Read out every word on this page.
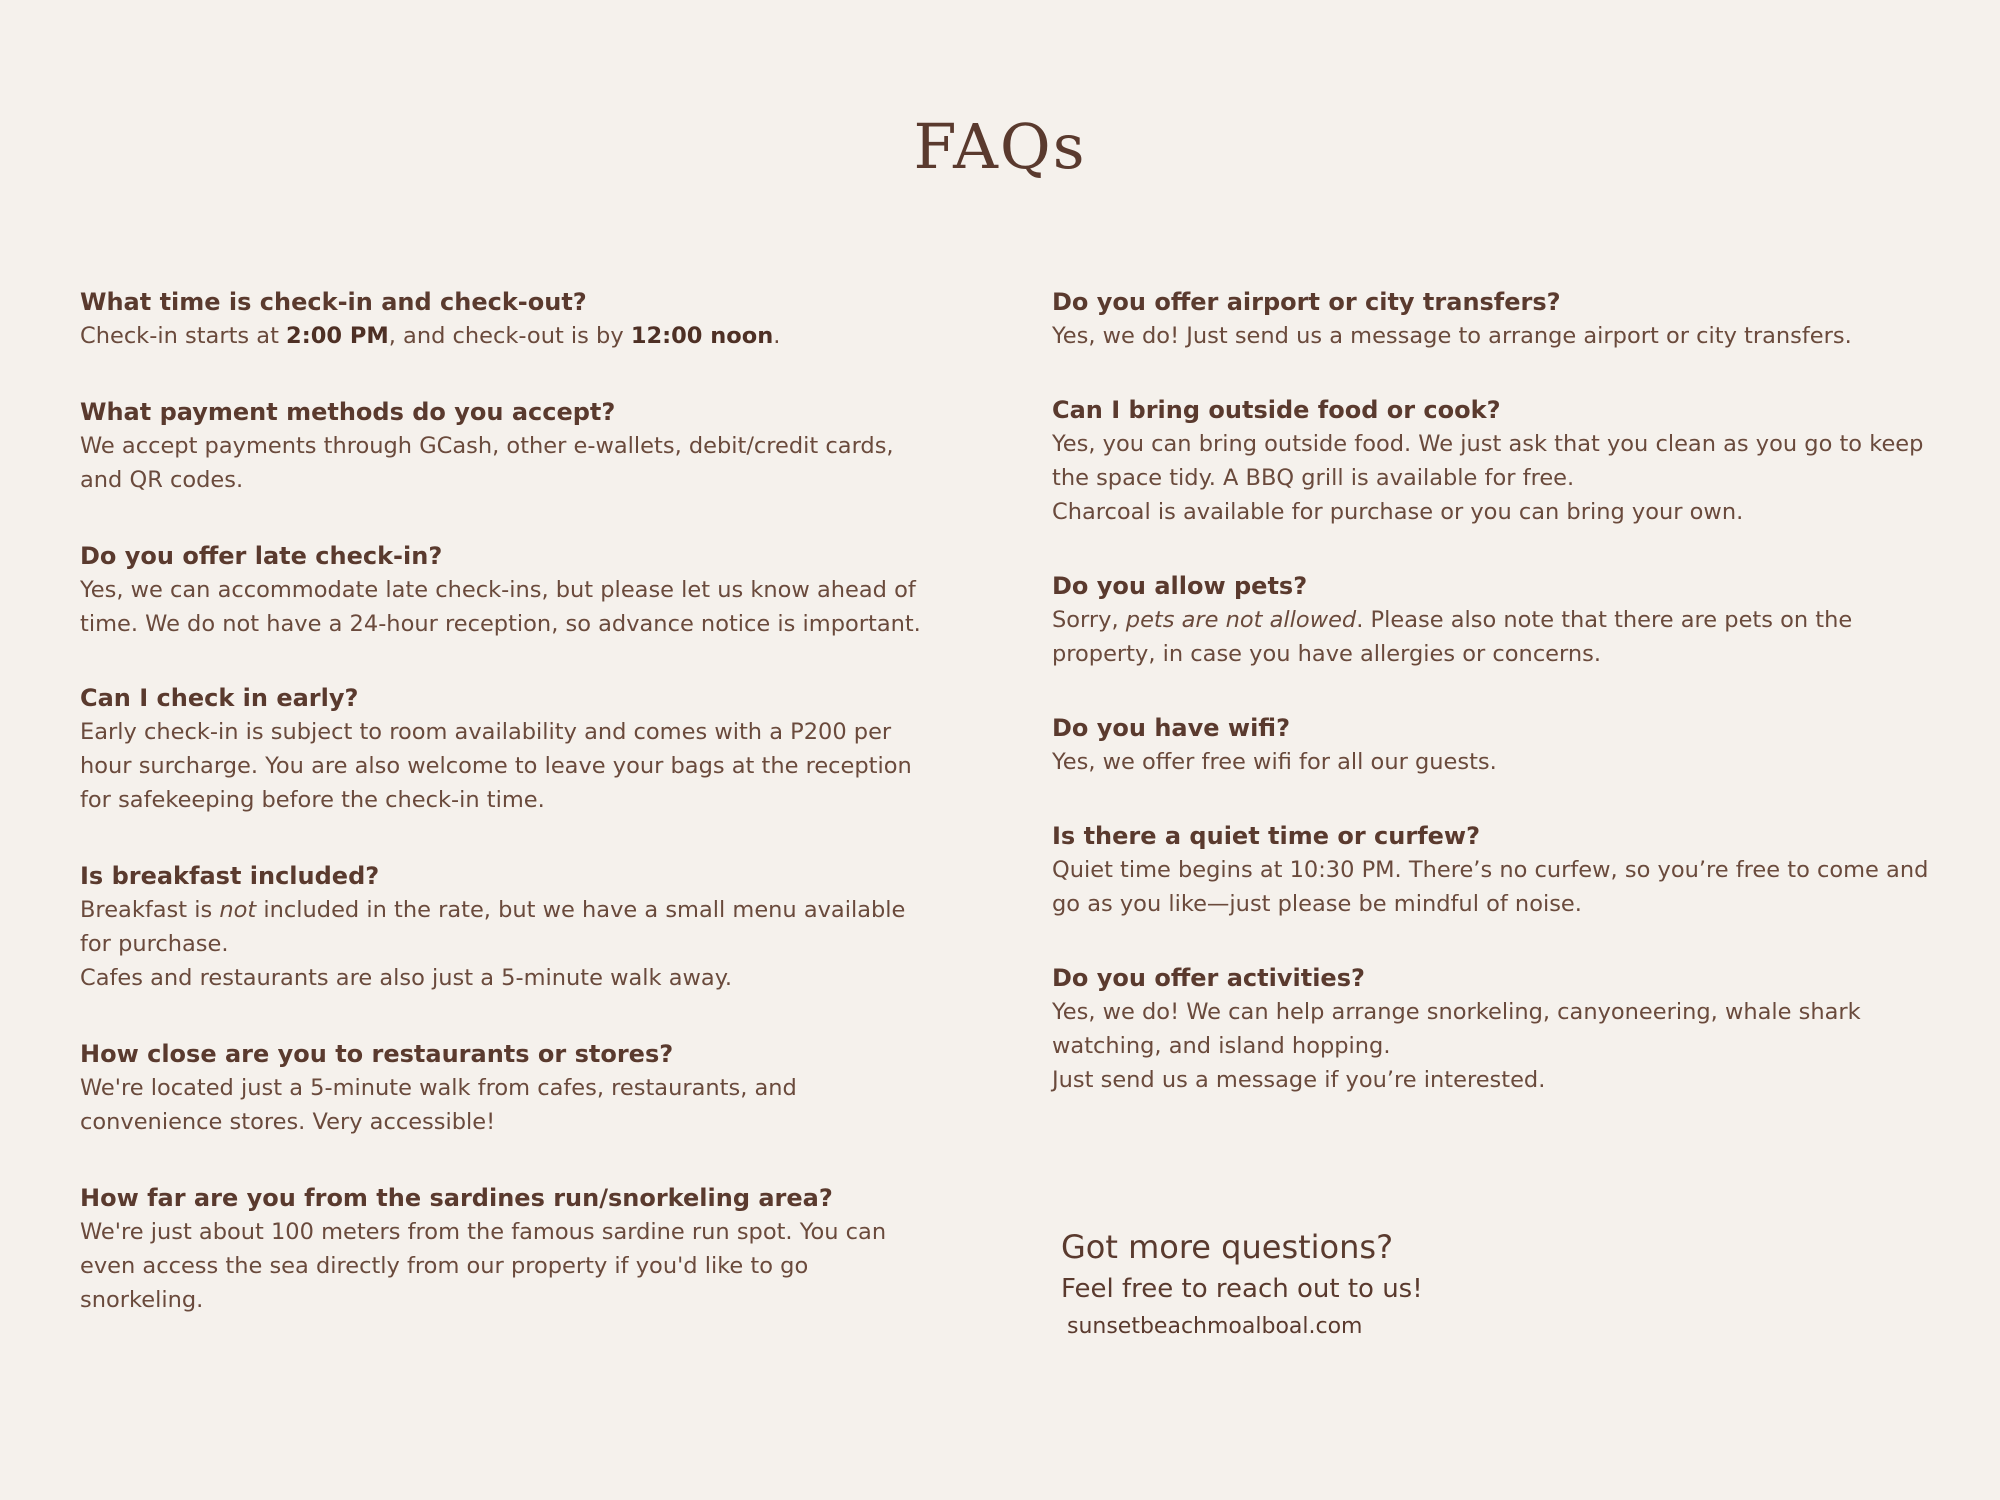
FAQs
What time is check-in and check-out?
Check-in starts at 2:00 PM, and check-out is by 12:00 noon.
What payment methods do you accept?
We accept payments through GCash, other e-wallets, debit/credit cards, and QR codes.
Do you offer late check-in?
Yes, we can accommodate late check-ins, but please let us know ahead of time. We do not have a 24-hour reception, so advance notice is important.
Can I check in early?
Early check-in is subject to room availability and comes with a P200 per hour surcharge. You are also welcome to leave your bags at the reception for safekeeping before the check-in time.
Is breakfast included?
Breakfast is not included in the rate, but we have a small menu available for purchase.
Cafes and restaurants are also just a 5-minute walk away.
How close are you to restaurants or stores?
We're located just a 5-minute walk from cafes, restaurants, and convenience stores. Very accessible!
How far are you from the sardines run/snorkeling area?
We're just about 100 meters from the famous sardine run spot. You can even access the sea directly from our property if you'd like to go snorkeling.
Do you offer airport or city transfers?
Yes, we do! Just send us a message to arrange airport or city transfers.
Can I bring outside food or cook?
Yes, you can bring outside food. We just ask that you clean as you go to keep the space tidy. A BBQ grill is available for free.
Charcoal is available for purchase or you can bring your own.
Do you allow pets?
Sorry, pets are not allowed. Please also note that there are pets on the property, in case you have allergies or concerns.
Do you have wifi?
Yes, we offer free wifi for all our guests.
Is there a quiet time or curfew?
Quiet time begins at 10:30 PM. There’s no curfew, so you’re free to come and go as you like—just please be mindful of noise.
Do you offer activities?
Yes, we do! We can help arrange snorkeling, canyoneering, whale shark watching, and island hopping.
Just send us a message if you’re interested.
Got more questions?
Feel free to reach out to us!
sunsetbeachmoalboal.com
